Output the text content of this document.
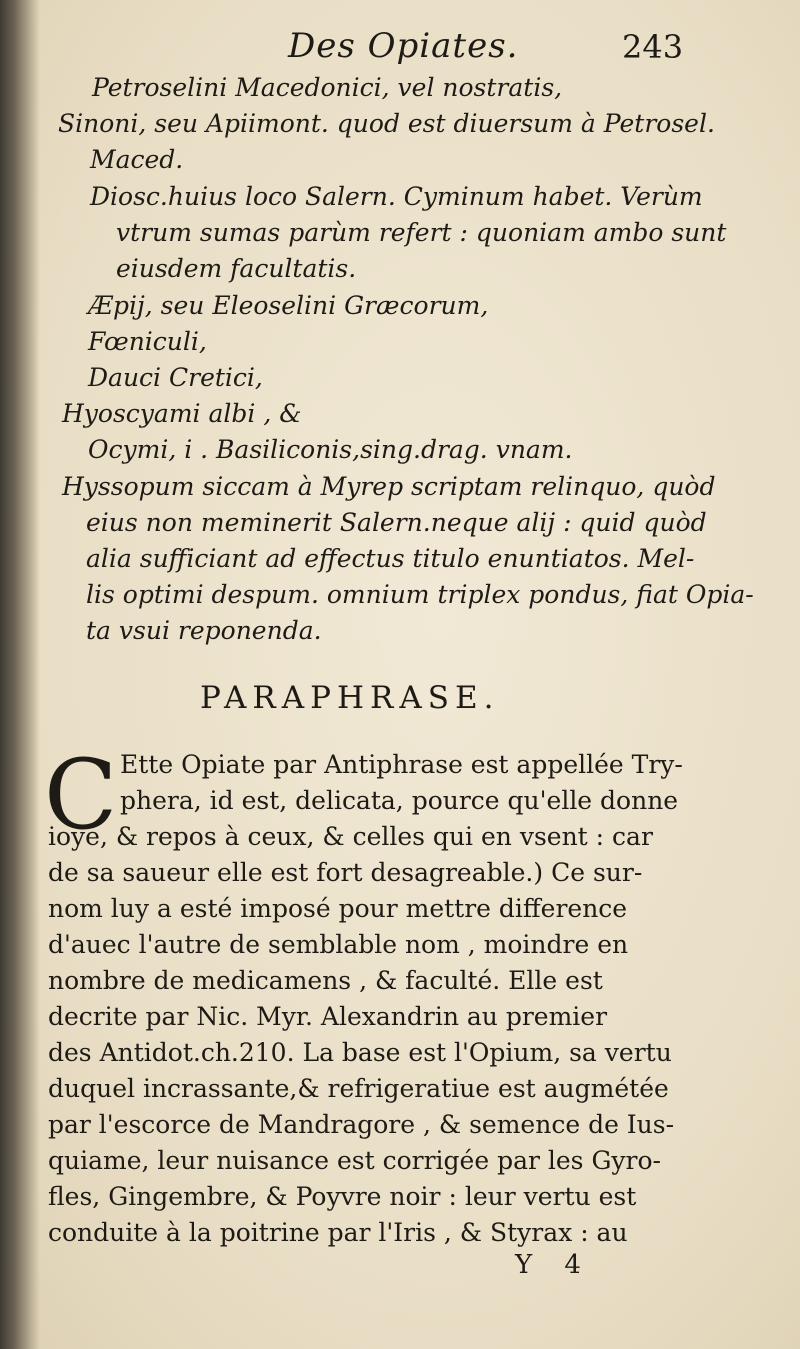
Des Opiates.	243
Petroselini Macedonici, vel nostratis,
Sinoni, seu Apiimont. quod est diuersum à Petrosel.
Maced.
Diosc.huius loco Salern. Cyminum habet. Verùm
vtrum sumas parùm refert : quoniam ambo sunt
eiusdem facultatis.
Æpij, seu Eleoselini Græcorum,
Fœniculi,
Dauci Cretici,
Hyoscyami albi , &
Ocymi, i . Basiliconis,sing.drag. vnam.
Hyssopum siccam à Myrep scriptam relinquo, quòd
eius non meminerit Salern.neque alij : quid quòd
alia sufficiant ad effectus titulo enuntiatos. Mel-
lis optimi despum. omnium triplex pondus, fiat Opia-
ta vsui reponenda.
PARAPHRASE.
C Ette Opiate par Antiphrase est appellée Try-
phera, id est, delicata, pource qu'elle donne
ioye, & repos à ceux, & celles qui en vsent : car
de sa saueur elle est fort desagreable.) Ce sur-
nom luy a esté imposé pour mettre difference
d'auec l'autre de semblable nom , moindre en
nombre de medicamens , & faculté. Elle est
decrite par Nic. Myr. Alexandrin au premier
des Antidot.ch.210. La base est l'Opium, sa vertu
duquel incrassante,& refrigeratiue est augmétée
par l'escorce de Mandragore , & semence de Ius-
quiame, leur nuisance est corrigée par les Gyro-
fles, Gingembre, & Poyvre noir : leur vertu est
conduite à la poitrine par l'Iris , & Styrax : au
Y 4
